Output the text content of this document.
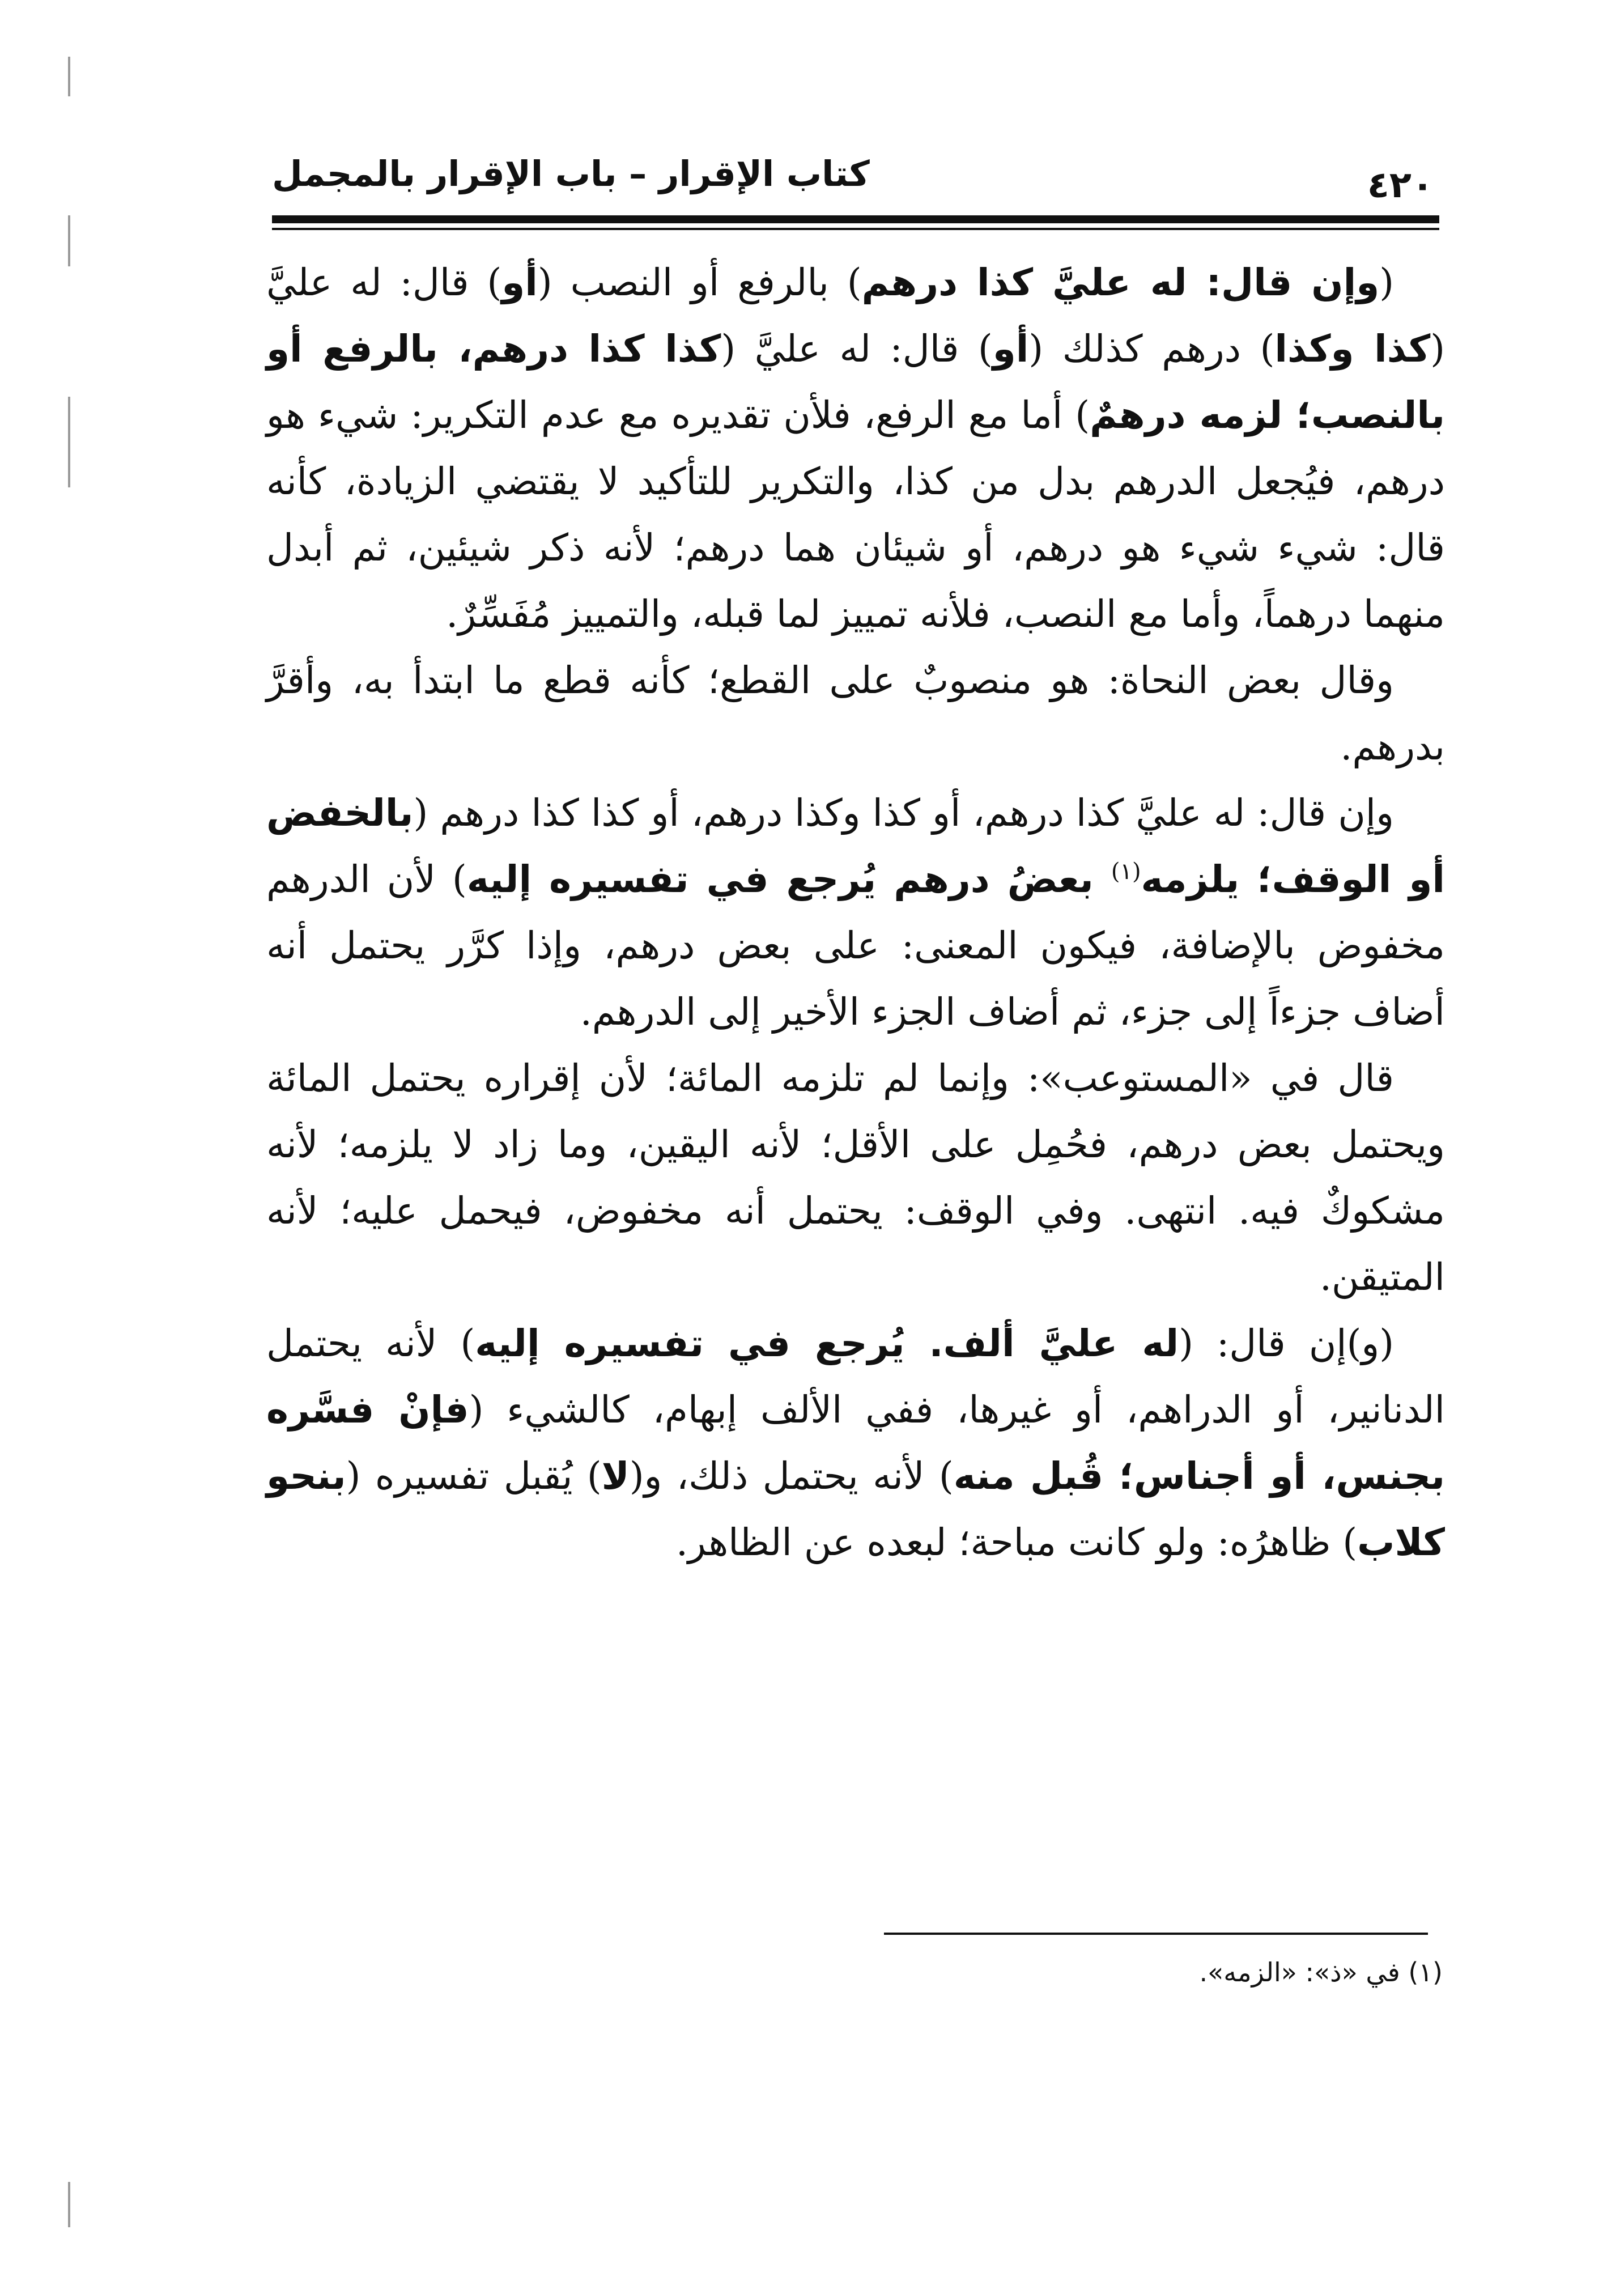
كتاب الإقرار – باب الإقرار بالمجمل	٤٢٠

(وإن قال: له عليَّ كذا درهم) بالرفع أو النصب (أو) قال: له عليَّ (كذا وكذا) درهم كذلك (أو) قال: له عليَّ (كذا كذا درهم، بالرفع أو بالنصب؛ لزمه درهمٌ) أما مع الرفع، فلأن تقديره مع عدم التكرير: شيء هو درهم، فيُجعل الدرهم بدل من كذا، والتكرير للتأكيد لا يقتضي الزيادة، كأنه قال: شيء شيء هو درهم، أو شيئان هما درهم؛ لأنه ذكر شيئين، ثم أبدل منهما درهماً، وأما مع النصب، فلأنه تمييز لما قبله، والتمييز مُفَسِّرٌ.

وقال بعض النحاة: هو منصوبٌ على القطع؛ كأنه قطع ما ابتدأ به، وأقرَّ بدرهم.

وإن قال: له عليَّ كذا درهم، أو كذا وكذا درهم، أو كذا كذا درهم (بالخفض أو الوقف؛ يلزمه$^{(١)}$ بعضُ درهم يُرجع في تفسيره إليه) لأن الدرهم مخفوض بالإضافة، فيكون المعنى: على بعض درهم، وإذا كرَّر يحتمل أنه أضاف جزءاً إلى جزء، ثم أضاف الجزء الأخير إلى الدرهم.

قال في «المستوعب»: وإنما لم تلزمه المائة؛ لأن إقراره يحتمل المائة ويحتمل بعض درهم، فحُمِل على الأقل؛ لأنه اليقين، وما زاد لا يلزمه؛ لأنه مشكوكٌ فيه. انتهى. وفي الوقف: يحتمل أنه مخفوض، فيحمل عليه؛ لأنه المتيقن.

(و)إن قال: (له عليَّ ألف. يُرجع في تفسيره إليه) لأنه يحتمل الدنانير، أو الدراهم، أو غيرها، ففي الألف إبهام، كالشيء (فإنْ فسَّره بجنس، أو أجناس؛ قُبل منه) لأنه يحتمل ذلك، و(لا) يُقبل تفسيره (بنحو كلاب) ظاهرُه: ولو كانت مباحة؛ لبعده عن الظاهر.

(١) في «ذ»: «الزمه».
